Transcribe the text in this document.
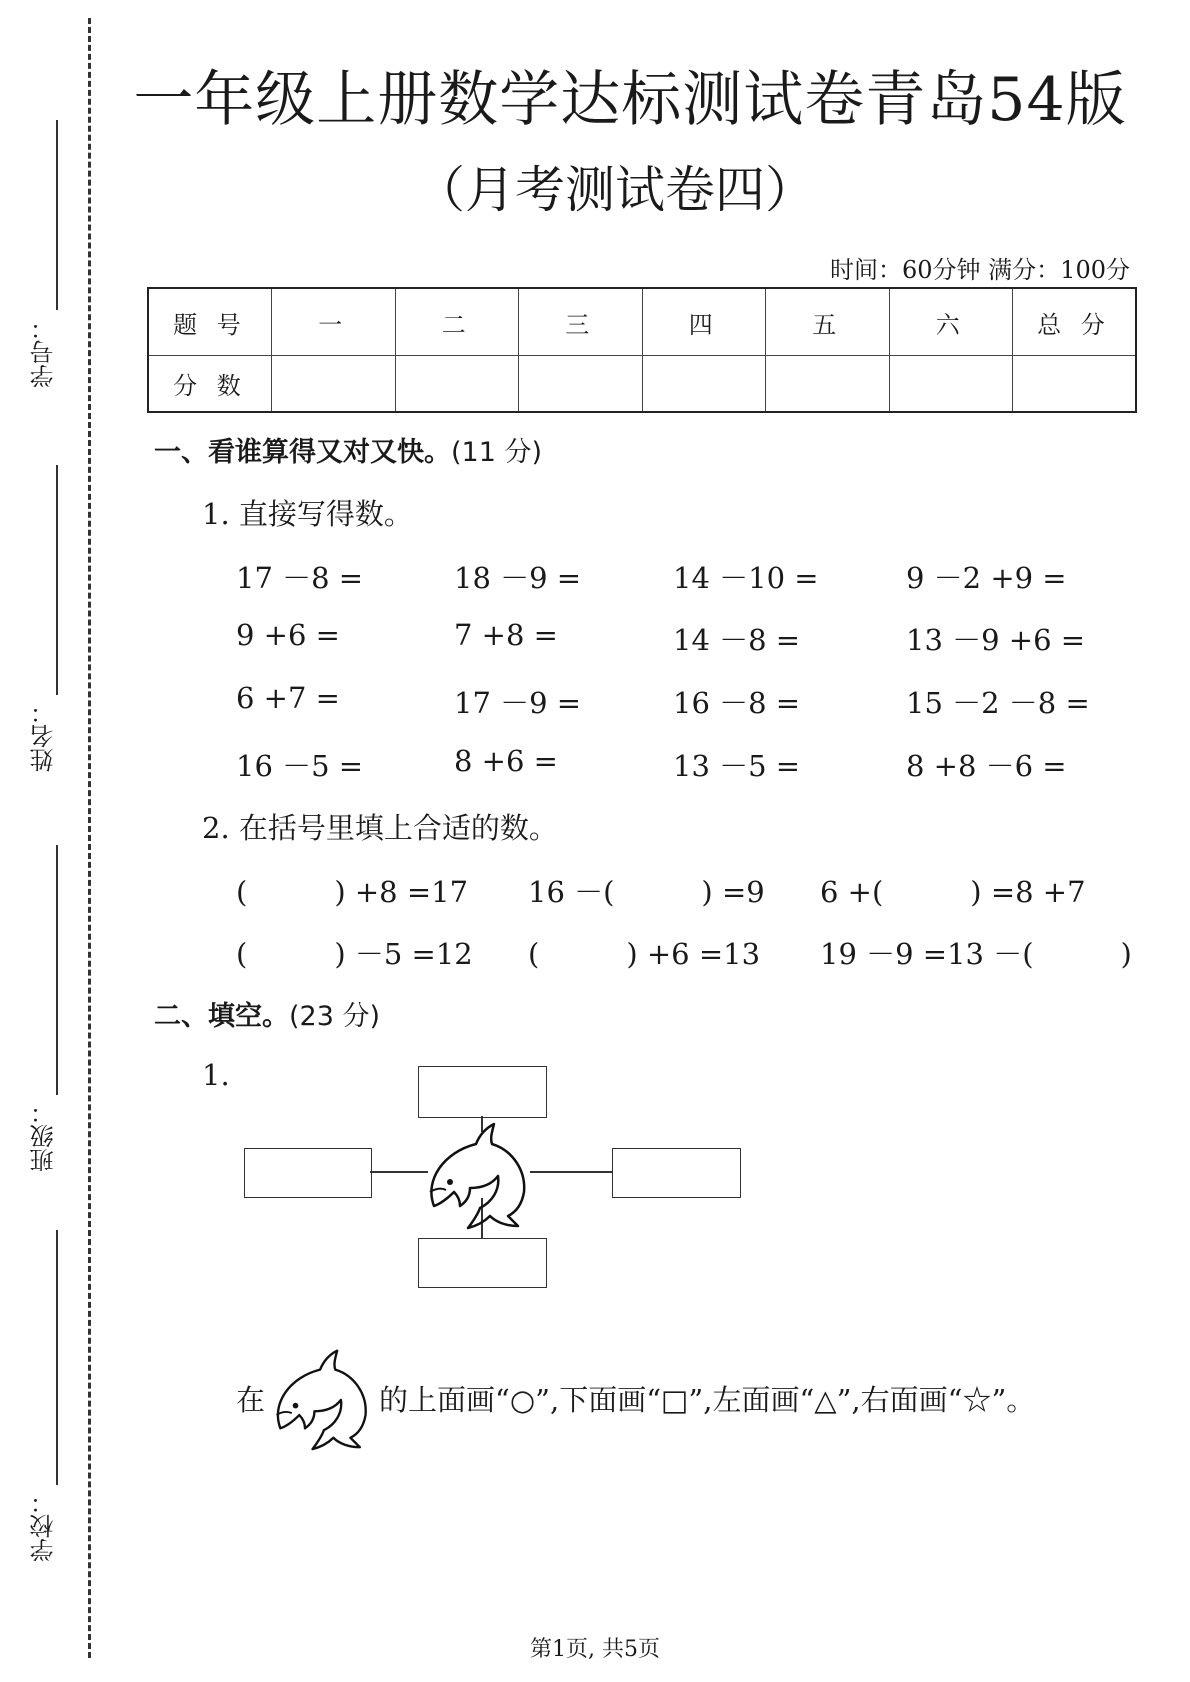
学号：
姓名：
班级：
学校：
一年级上册数学达标测试卷青岛54版
（月考测试卷四）
时间：60分钟 满分：100分
题 号	一	二	三	四	五	六	总 分
分 数							
一、看谁算得又对又快。(11 分)
1. 直接写得数。
17 －8 =	18 －9 =	14 －10 =	9 －2 +9 =
9 +6 =	7 +8 =	14 －8 =	13 －9 +6 =
6 +7 =	17 －9 =	16 －8 =	15 －2 －8 =
16 －5 =	8 +6 =	13 －5 =	8 +8 －6 =
2. 在括号里填上合适的数。
(　　　) +8 =17 16 －(　　　) =9 6 +(　　　) =8 +7
(　　　) －5 =12 (　　　) +6 =13 19 －9 =13 －(　　　)
二、填空。(23 分)
1.
在	的上面画“○”,下面画“□”,左面画“△”,右面画“☆”。
第1页, 共5页
